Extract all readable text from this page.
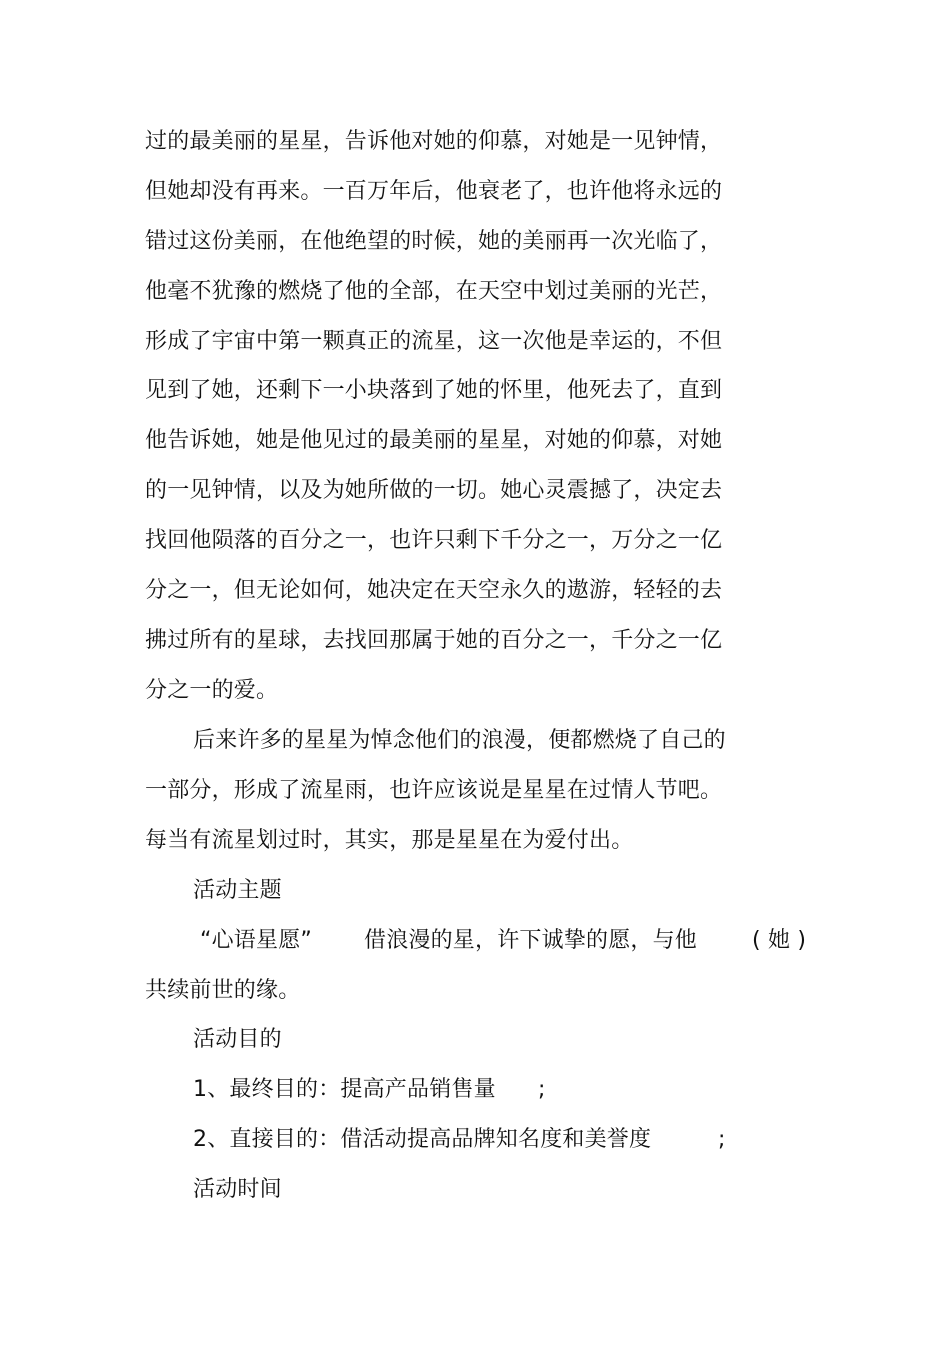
过的最美丽的星星，告诉他对她的仰慕，对她是一见钟情，
但她却没有再来。一百万年后，他衰老了，也许他将永远的
错过这份美丽，在他绝望的时候，她的美丽再一次光临了，
他毫不犹豫的燃烧了他的全部，在天空中划过美丽的光芒，
形成了宇宙中第一颗真正的流星，这一次他是幸运的，不但
见到了她，还剩下一小块落到了她的怀里，他死去了，直到
他告诉她，她是他见过的最美丽的星星，对她的仰慕，对她
的一见钟情，以及为她所做的一切。她心灵震撼了，决定去
找回他陨落的百分之一，也许只剩下千分之一，万分之一亿
分之一，但无论如何，她决定在天空永久的遨游，轻轻的去
拂过所有的星球，去找回那属于她的百分之一，千分之一亿
分之一的爱。
后来许多的星星为悼念他们的浪漫，便都燃烧了自己的
一部分，形成了流星雨，也许应该说是星星在过情人节吧。
每当有流星划过时，其实，那是星星在为爱付出。
活动主题
“心语星愿” 借浪漫的星，许下诚挚的愿，与他 ( 她 )
共续前世的缘。
活动目的
1、最终目的：提高产品销售量 ;
2、直接目的：借活动提高品牌知名度和美誉度	;
活动时间
